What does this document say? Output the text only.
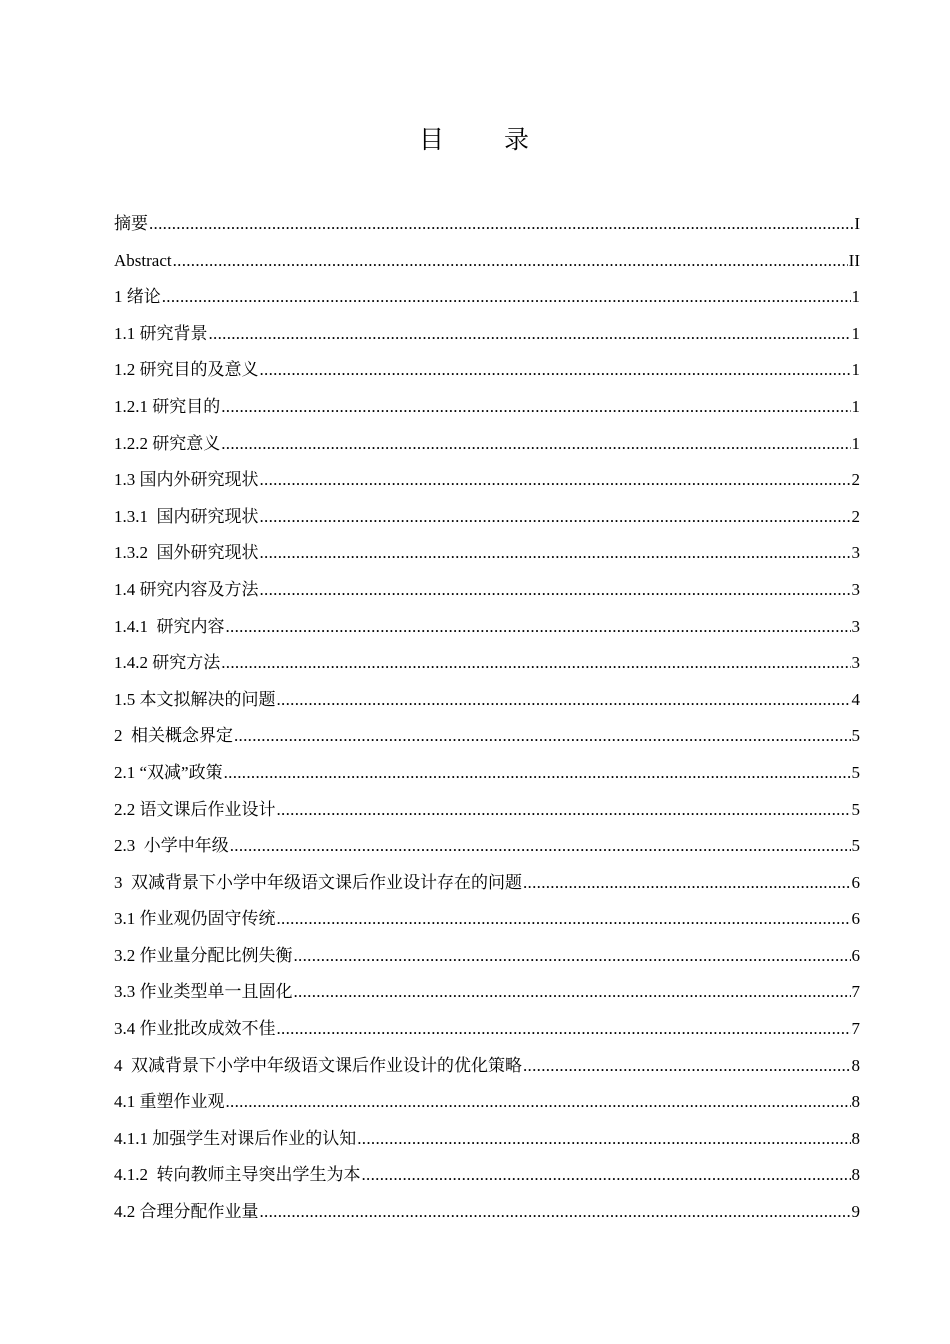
目 录
摘要 .....	I
Abstract .....	II
1 绪论 .....	1
1.1 研究背景 .....	1
1.2 研究目的及意义 .....	1
1.2.1 研究目的 .....	1
1.2.2 研究意义 .....	1
1.3 国内外研究现状 .....	2
1.3.1  国内研究现状 .....	2
1.3.2  国外研究现状 .....	3
1.4 研究内容及方法 .....	3
1.4.1  研究内容 .....	3
1.4.2 研究方法 .....	3
1.5 本文拟解决的问题 .....	4
2  相关概念界定 .....	5
2.1 “双减”政策 .....	5
2.2 语文课后作业设计 .....	5
2.3  小学中年级 .....	5
3  双减背景下小学中年级语文课后作业设计存在的问题 .....	6
3.1 作业观仍固守传统 .....	6
3.2 作业量分配比例失衡 .....	6
3.3 作业类型单一且固化 .....	7
3.4 作业批改成效不佳 .....	7
4  双减背景下小学中年级语文课后作业设计的优化策略 .....	8
4.1 重塑作业观 .....	8
4.1.1 加强学生对课后作业的认知 .....	8
4.1.2  转向教师主导突出学生为本 .....	8
4.2 合理分配作业量 .....	9
